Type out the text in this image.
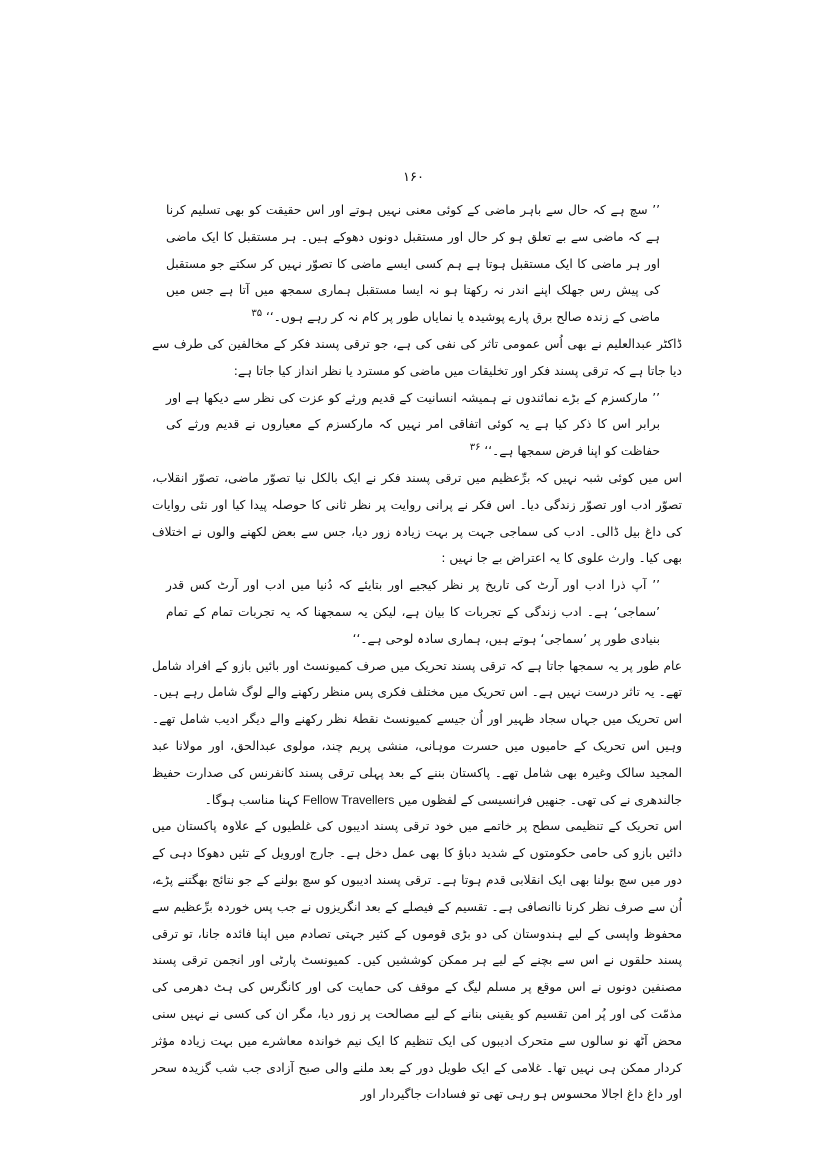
۱۶۰

’’ سچ ہے کہ حال سے باہر ماضی کے کوئی معنی نہیں ہوتے اور اس حقیقت کو بھی تسلیم کرنا ہے کہ ماضی سے بے تعلق ہو کر حال اور مستقبل دونوں دھوکے ہیں۔ ہر مستقبل کا ایک ماضی اور ہر ماضی کا ایک مستقبل ہوتا ہے ہم کسی ایسے ماضی کا تصوّر نہیں کر سکتے جو مستقبل کی پیش رس جھلک اپنے اندر نہ رکھتا ہو نہ ایسا مستقبل ہماری سمجھ میں آتا ہے جس میں ماضی کے زندہ صالح برق پارے پوشیدہ یا نمایاں طور پر کام نہ کر رہے ہوں۔‘‘ $^{۳۵}$

ڈاکٹر عبدالعلیم نے بھی اُس عمومی تاثر کی نفی کی ہے، جو ترقی پسند فکر کے مخالفین کی طرف سے دیا جاتا ہے کہ ترقی پسند فکر اور تخلیقات میں ماضی کو مسترد یا نظر انداز کیا جاتا ہے:

’’ مارکسزم کے بڑے نمائندوں نے ہمیشہ انسانیت کے قدیم ورثے کو عزت کی نظر سے دیکھا ہے اور برابر اس کا ذکر کیا ہے یہ کوئی اتفاقی امر نہیں کہ مارکسزم کے معیاروں نے قدیم ورثے کی حفاظت کو اپنا فرض سمجھا ہے۔‘‘ $^{۳۶}$

اس میں کوئی شبہ نہیں کہ برِّعظیم میں ترقی پسند فکر نے ایک بالکل نیا تصوّر ماضی، تصوّر انقلاب، تصوّر ادب اور تصوّر زندگی دیا۔ اس فکر نے پرانی روایت پر نظر ثانی کا حوصلہ پیدا کیا اور نئی روایات کی داغ بیل ڈالی۔ ادب کی سماجی جہت پر بہت زیادہ زور دیا، جس سے بعض لکھنے والوں نے اختلاف بھی کیا۔ وارث علوی کا یہ اعتراض بے جا نہیں :

’’ آپ ذرا ادب اور آرٹ کی تاریخ پر نظر کیجیے اور بتایئے کہ دُنیا میں ادب اور آرٹ کس قدر ’سماجی‘ ہے۔ ادب زندگی کے تجربات کا بیان ہے، لیکن یہ سمجھنا کہ یہ تجربات تمام کے تمام بنیادی طور پر ’سماجی‘ ہوتے ہیں، ہماری سادہ لوحی ہے۔‘‘

عام طور پر یہ سمجھا جاتا ہے کہ ترقی پسند تحریک میں صرف کمیونسٹ اور بائیں بازو کے افراد شامل تھے۔ یہ تاثر درست نہیں ہے۔ اس تحریک میں مختلف فکری پس منظر رکھنے والے لوگ شامل رہے ہیں۔ اس تحریک میں جہاں سجاد ظہیر اور اُن جیسے کمیونسٹ نقطۂ نظر رکھنے والے دیگر ادیب شامل تھے۔ وہیں اس تحریک کے حامیوں میں حسرت موہانی، منشی پریم چند، مولوی عبدالحق، اور مولانا عبد المجید سالک وغیرہ بھی شامل تھے۔ پاکستان بننے کے بعد پہلی ترقی پسند کانفرنس کی صدارت حفیظ جالندھری نے کی تھی۔ جنھیں فرانسیسی کے لفظوں میں Fellow Travellers کہنا مناسب ہوگا۔

اس تحریک کے تنظیمی سطح پر خاتمے میں خود ترقی پسند ادیبوں کی غلطیوں کے علاوہ پاکستان میں دائیں بازو کی حامی حکومتوں کے شدید دباؤ کا بھی عمل دخل ہے۔ جارج اورویل کے تئیں دھوکا دہی کے دور میں سچ بولنا بھی ایک انقلابی قدم ہوتا ہے۔ ترقی پسند ادیبوں کو سچ بولنے کے جو نتائج بھگتنے پڑے، اُن سے صرف نظر کرنا ناانصافی ہے۔ تقسیم کے فیصلے کے بعد انگریزوں نے جب پس خوردہ برِّعظیم سے محفوظ واپسی کے لیے ہندوستان کی دو بڑی قوموں کے کثیر جہتی تصادم میں اپنا فائدہ جانا، تو ترقی پسند حلقوں نے اس سے بچنے کے لیے ہر ممکن کوششیں کیں۔ کمیونسٹ پارٹی اور انجمن ترقی پسند مصنفین دونوں نے اس موقع پر مسلم لیگ کے موقف کی حمایت کی اور کانگرس کی ہٹ دھرمی کی مذمّت کی اور پُر امن تقسیم کو یقینی بنانے کے لیے مصالحت پر زور دیا، مگر ان کی کسی نے نہیں سنی محض آٹھ نو سالوں سے متحرک ادیبوں کی ایک تنظیم کا ایک نیم خواندہ معاشرے میں بہت زیادہ مؤثر کردار ممکن ہی نہیں تھا۔ غلامی کے ایک طویل دور کے بعد ملنے والی صبح آزادی جب شب گزیدہ سحر اور داغ داغ اجالا محسوس ہو رہی تھی تو فسادات جاگیردار اور
